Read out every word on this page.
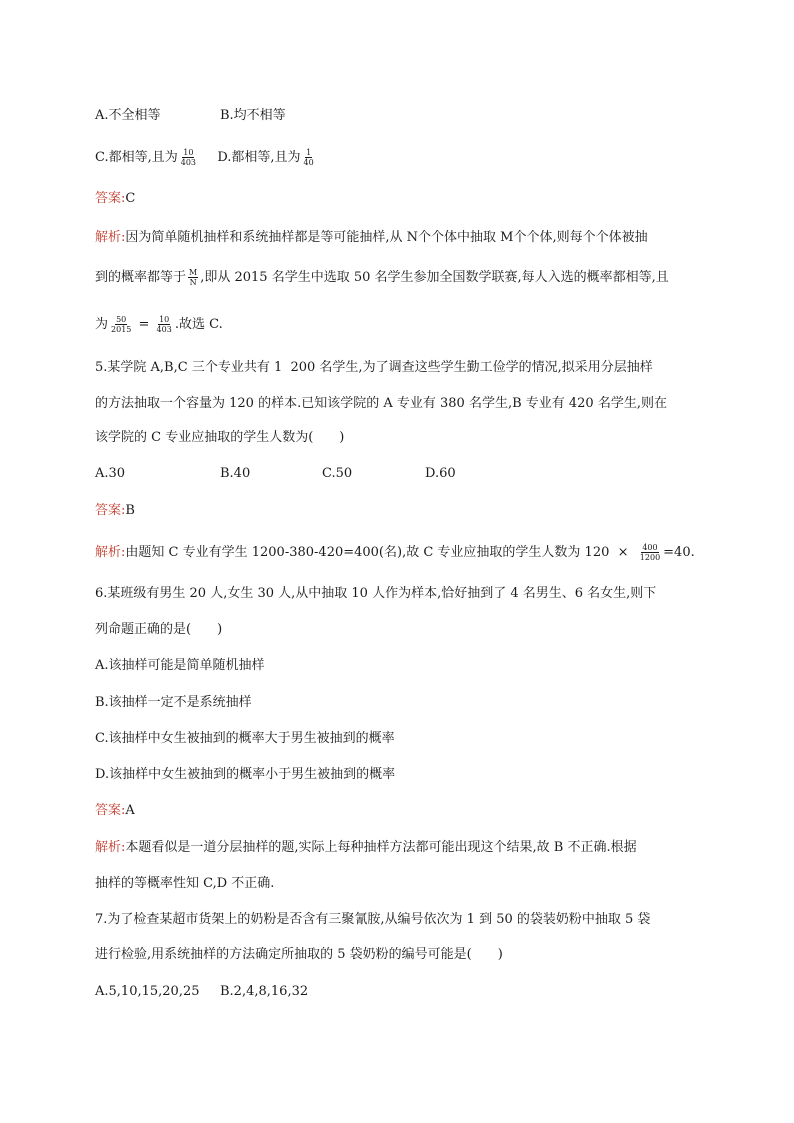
A.不全相等	B.均不相等
C.都相等,且为 $\frac{10}{403} D$.都相等,且为 $\frac{1}{40}$
答案:C
解析:因为简单随机抽样和系统抽样都是等可能抽样,从 N个个体中抽取 M个个体,则每个个体被抽
到的概率都等于 $\frac{M}{N}$ ,即从 2015 名学生中选取 50 名学生参加全国数学联赛,每人入选的概率都相等,且
为 $\frac{50}{2015} = \frac{10}{403}$ .故选 C.
5.某学院 A,B,C 三个专业共有 1  200 名学生,为了调查这些学生勤工俭学的情况,拟采用分层抽样
的方法抽取一个容量为 120 的样本.已知该学院的 A 专业有 380 名学生,B 专业有 420 名学生,则在
该学院的 C 专业应抽取的学生人数为(　　)
A.30	B.40	C.50	D.60
答案:B
解析:由题知 C 专业有学生 1200-380-420=400(名),故 C 专业应抽取的学生人数为 $120 \times \frac{400}{1200} =40$.
6.某班级有男生 20 人,女生 30 人,从中抽取 10 人作为样本,恰好抽到了 4 名男生、6 名女生,则下
列命题正确的是(　　)
A.该抽样可能是简单随机抽样
B.该抽样一定不是系统抽样
C.该抽样中女生被抽到的概率大于男生被抽到的概率
D.该抽样中女生被抽到的概率小于男生被抽到的概率
答案:A
解析:本题看似是一道分层抽样的题,实际上每种抽样方法都可能出现这个结果,故 B 不正确.根据
抽样的等概率性知 C,D 不正确.
7.为了检查某超市货架上的奶粉是否含有三聚氰胺,从编号依次为 1 到 50 的袋装奶粉中抽取 5 袋
进行检验,用系统抽样的方法确定所抽取的 5 袋奶粉的编号可能是(　　)
A.5,10,15,20,25 B.2,4,8,16,32
